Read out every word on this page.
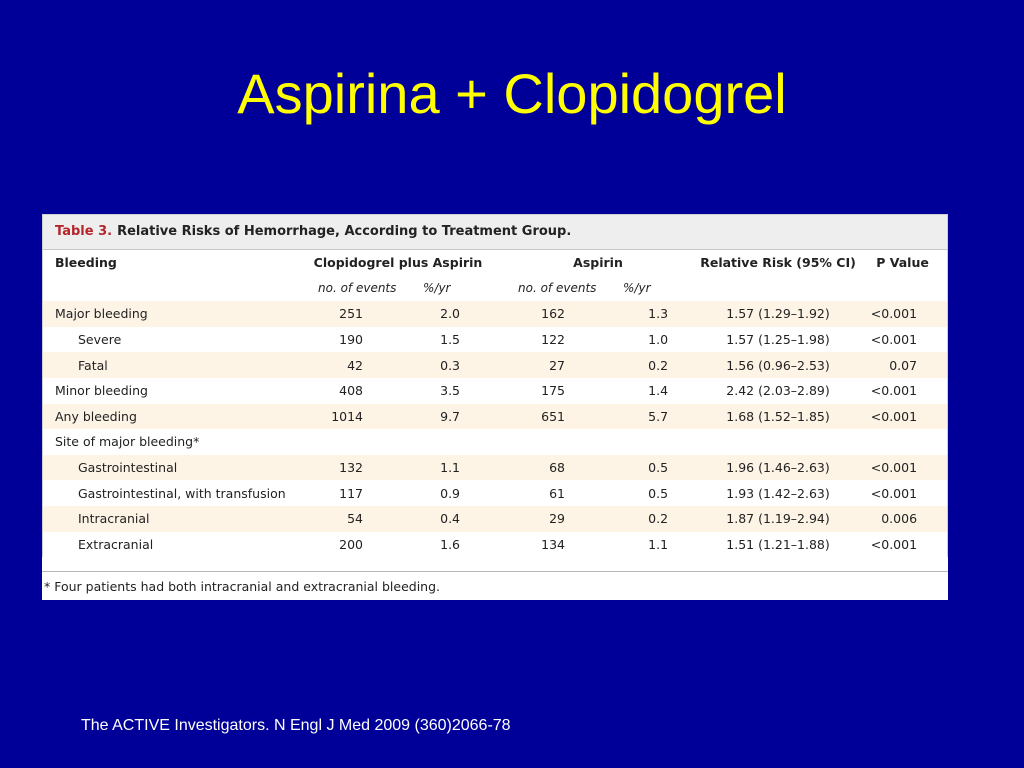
Aspirina + Clopidogrel
Table 3. Relative Risks of Hemorrhage, According to Treatment Group.
Bleeding	Clopidogrel plus Aspirin		Aspirin		Relative Risk (95% CI)	P Value
	no. of events	%/yr	no. of events	%/yr		
Major bleeding	251	2.0	162	1.3	1.57 (1.29–1.92)	<0.001
Severe	190	1.5	122	1.0	1.57 (1.25–1.98)	<0.001
Fatal	42	0.3	27	0.2	1.56 (0.96–2.53)	0.07
Minor bleeding	408	3.5	175	1.4	2.42 (2.03–2.89)	<0.001
Any bleeding	1014	9.7	651	5.7	1.68 (1.52–1.85)	<0.001
Site of major bleeding*						
Gastrointestinal	132	1.1	68	0.5	1.96 (1.46–2.63)	<0.001
Gastrointestinal, with transfusion	117	0.9	61	0.5	1.93 (1.42–2.63)	<0.001
Intracranial	54	0.4	29	0.2	1.87 (1.19–2.94)	0.006
Extracranial	200	1.6	134	1.1	1.51 (1.21–1.88)	<0.001
* Four patients had both intracranial and extracranial bleeding.
The ACTIVE Investigators. N Engl J Med 2009 (360)2066-78
